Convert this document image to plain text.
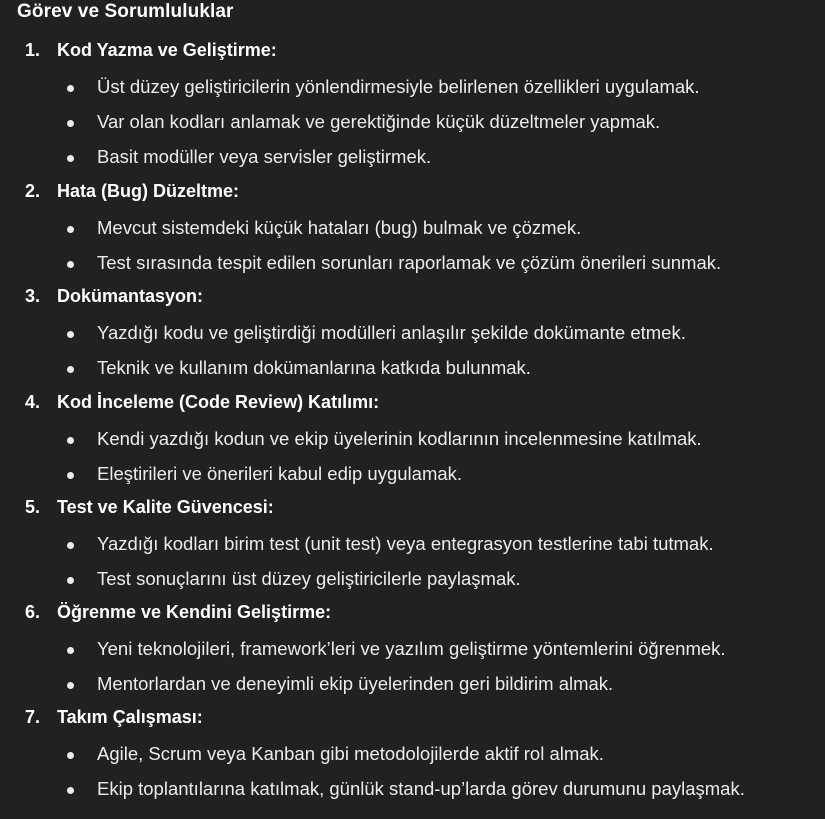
Görev ve Sorumluluklar
1. Kod Yazma ve Geliştirme:
Üst düzey geliştiricilerin yönlendirmesiyle belirlenen özellikleri uygulamak.
Var olan kodları anlamak ve gerektiğinde küçük düzeltmeler yapmak.
Basit modüller veya servisler geliştirmek.
2. Hata (Bug) Düzeltme:
Mevcut sistemdeki küçük hataları (bug) bulmak ve çözmek.
Test sırasında tespit edilen sorunları raporlamak ve çözüm önerileri sunmak.
3. Dokümantasyon:
Yazdığı kodu ve geliştirdiği modülleri anlaşılır şekilde dokümante etmek.
Teknik ve kullanım dokümanlarına katkıda bulunmak.
4. Kod İnceleme (Code Review) Katılımı:
Kendi yazdığı kodun ve ekip üyelerinin kodlarının incelenmesine katılmak.
Eleştirileri ve önerileri kabul edip uygulamak.
5. Test ve Kalite Güvencesi:
Yazdığı kodları birim test (unit test) veya entegrasyon testlerine tabi tutmak.
Test sonuçlarını üst düzey geliştiricilerle paylaşmak.
6. Öğrenme ve Kendini Geliştirme:
Yeni teknolojileri, framework’leri ve yazılım geliştirme yöntemlerini öğrenmek.
Mentorlardan ve deneyimli ekip üyelerinden geri bildirim almak.
7. Takım Çalışması:
Agile, Scrum veya Kanban gibi metodolojilerde aktif rol almak.
Ekip toplantılarına katılmak, günlük stand-up’larda görev durumunu paylaşmak.
